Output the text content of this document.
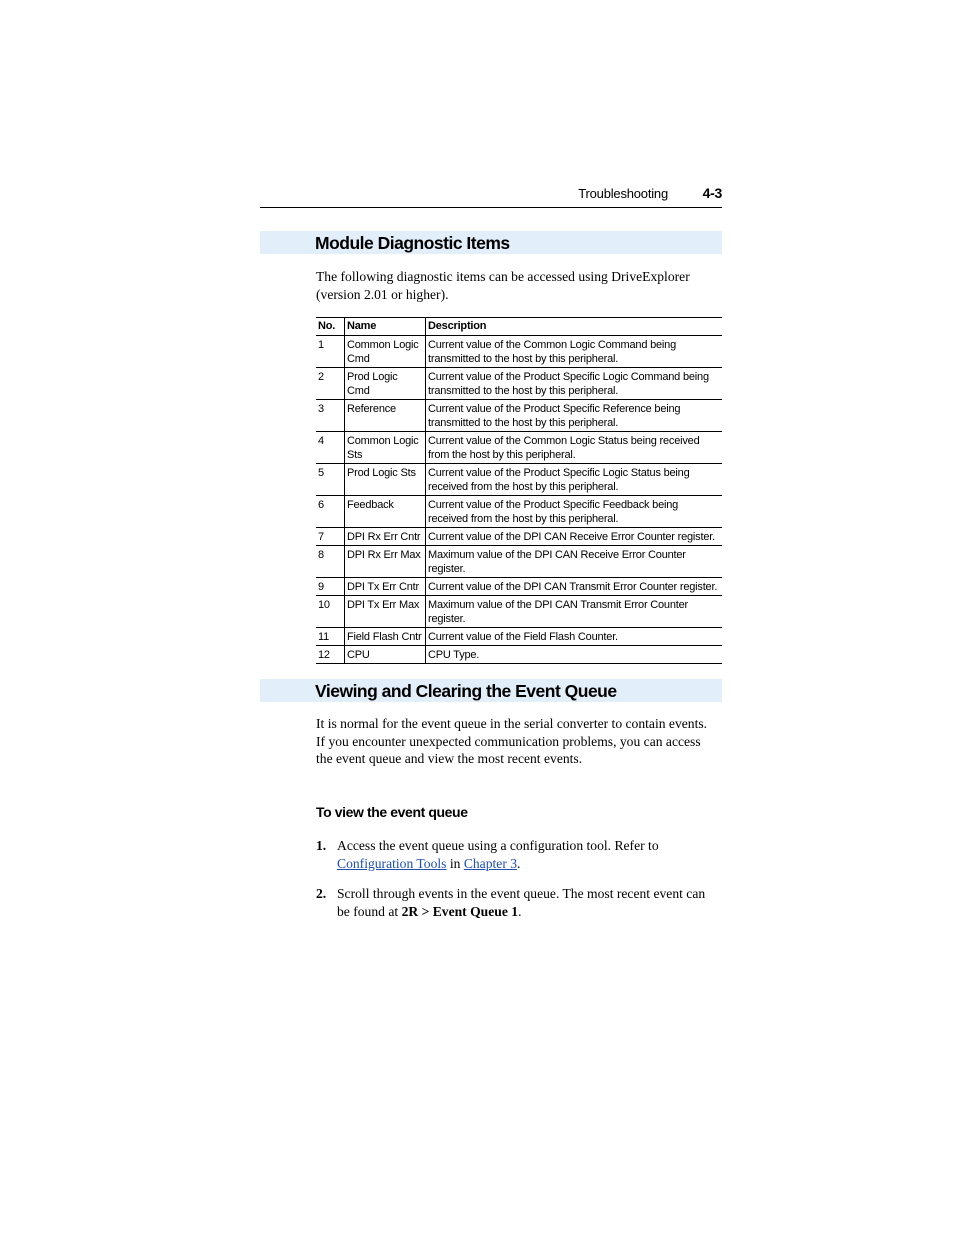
Troubleshooting 4-3
Module Diagnostic Items
The following diagnostic items can be accessed using DriveExplorer
(version 2.01 or higher).
No.	Name	Description
1	Common Logic Cmd	Current value of the Common Logic Command being transmitted to the host by this peripheral.
2	Prod Logic Cmd	Current value of the Product Specific Logic Command being transmitted to the host by this peripheral.
3	Reference	Current value of the Product Specific Reference being transmitted to the host by this peripheral.
4	Common Logic Sts	Current value of the Common Logic Status being received from the host by this peripheral.
5	Prod Logic Sts	Current value of the Product Specific Logic Status being received from the host by this peripheral.
6	Feedback	Current value of the Product Specific Feedback being received from the host by this peripheral.
7	DPI Rx Err Cntr	Current value of the DPI CAN Receive Error Counter register.
8	DPI Rx Err Max	Maximum value of the DPI CAN Receive Error Counter register.
9	DPI Tx Err Cntr	Current value of the DPI CAN Transmit Error Counter register.
10	DPI Tx Err Max	Maximum value of the DPI CAN Transmit Error Counter register.
11	Field Flash Cntr	Current value of the Field Flash Counter.
12	CPU	CPU Type.
Viewing and Clearing the Event Queue
It is normal for the event queue in the serial converter to contain events.
If you encounter unexpected communication problems, you can access
the event queue and view the most recent events.
To view the event queue
1. Access the event queue using a configuration tool. Refer to
Configuration Tools in Chapter 3.
2. Scroll through events in the event queue. The most recent event can
be found at 2R > Event Queue 1.
